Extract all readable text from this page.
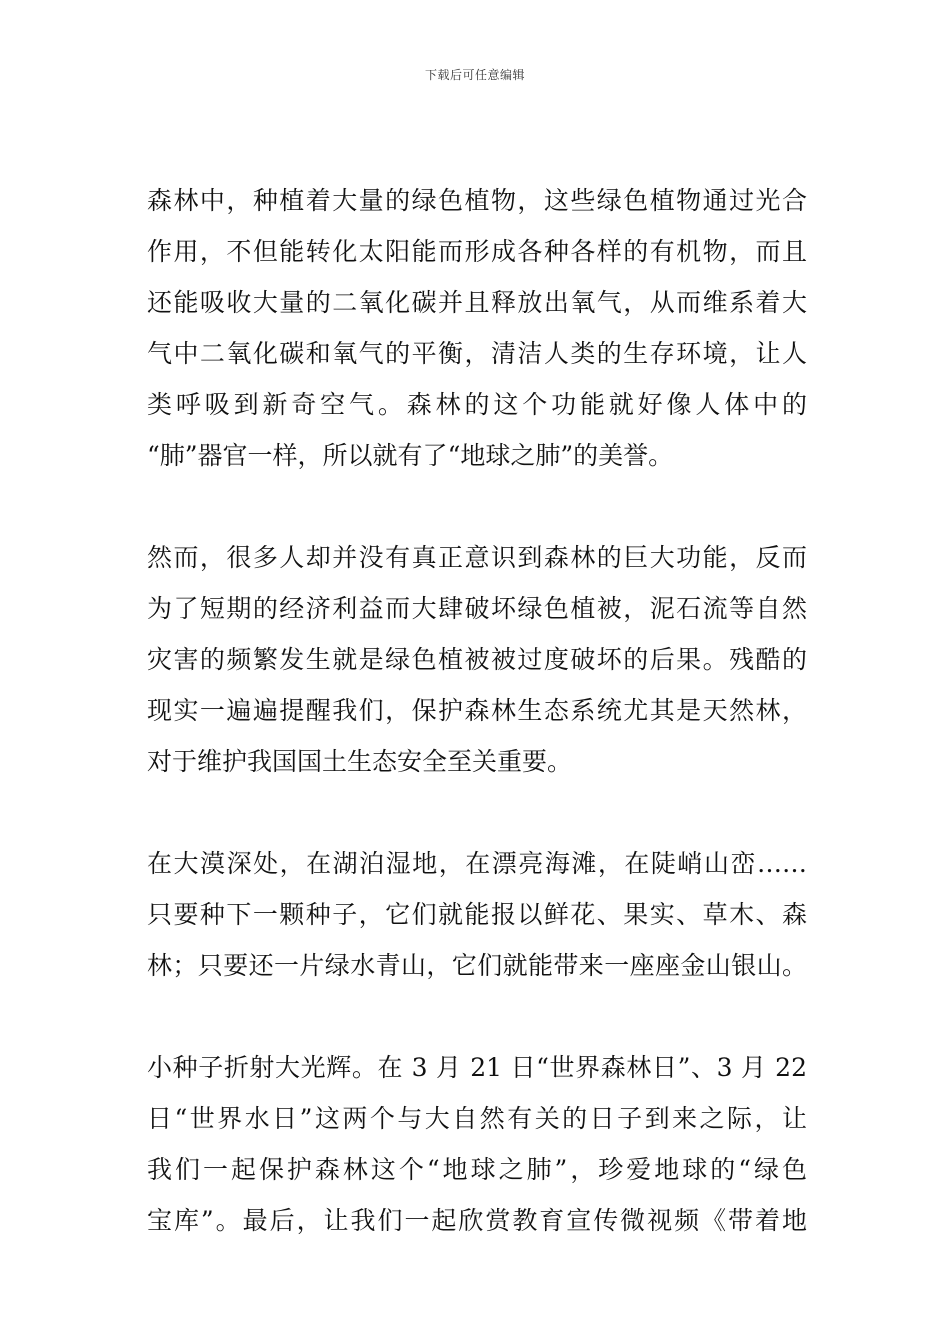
下载后可任意编辑
森林中，种植着大量的绿色植物，这些绿色植物通过光合
作用，不但能转化太阳能而形成各种各样的有机物，而且
还能吸收大量的二氧化碳并且释放出氧气，从而维系着大
气中二氧化碳和氧气的平衡，清洁人类的生存环境，让人
类呼吸到新奇空气。森林的这个功能就好像人体中的
“肺”器官一样，所以就有了“地球之肺”的美誉。
然而，很多人却并没有真正意识到森林的巨大功能，反而
为了短期的经济利益而大肆破坏绿色植被，泥石流等自然
灾害的频繁发生就是绿色植被被过度破坏的后果。残酷的
现实一遍遍提醒我们，保护森林生态系统尤其是天然林，
对于维护我国国土生态安全至关重要。
在大漠深处，在湖泊湿地，在漂亮海滩，在陡峭山峦……
只要种下一颗种子，它们就能报以鲜花、果实、草木、森
林；只要还一片绿水青山，它们就能带来一座座金山银山。
小种子折射大光辉。在 3 月 21 日“世界森林日”、3 月 22
日“世界水日”这两个与大自然有关的日子到来之际，让
我们一起保护森林这个“地球之肺”，珍爱地球的“绿色
宝库”。最后，让我们一起欣赏教育宣传微视频《带着地
